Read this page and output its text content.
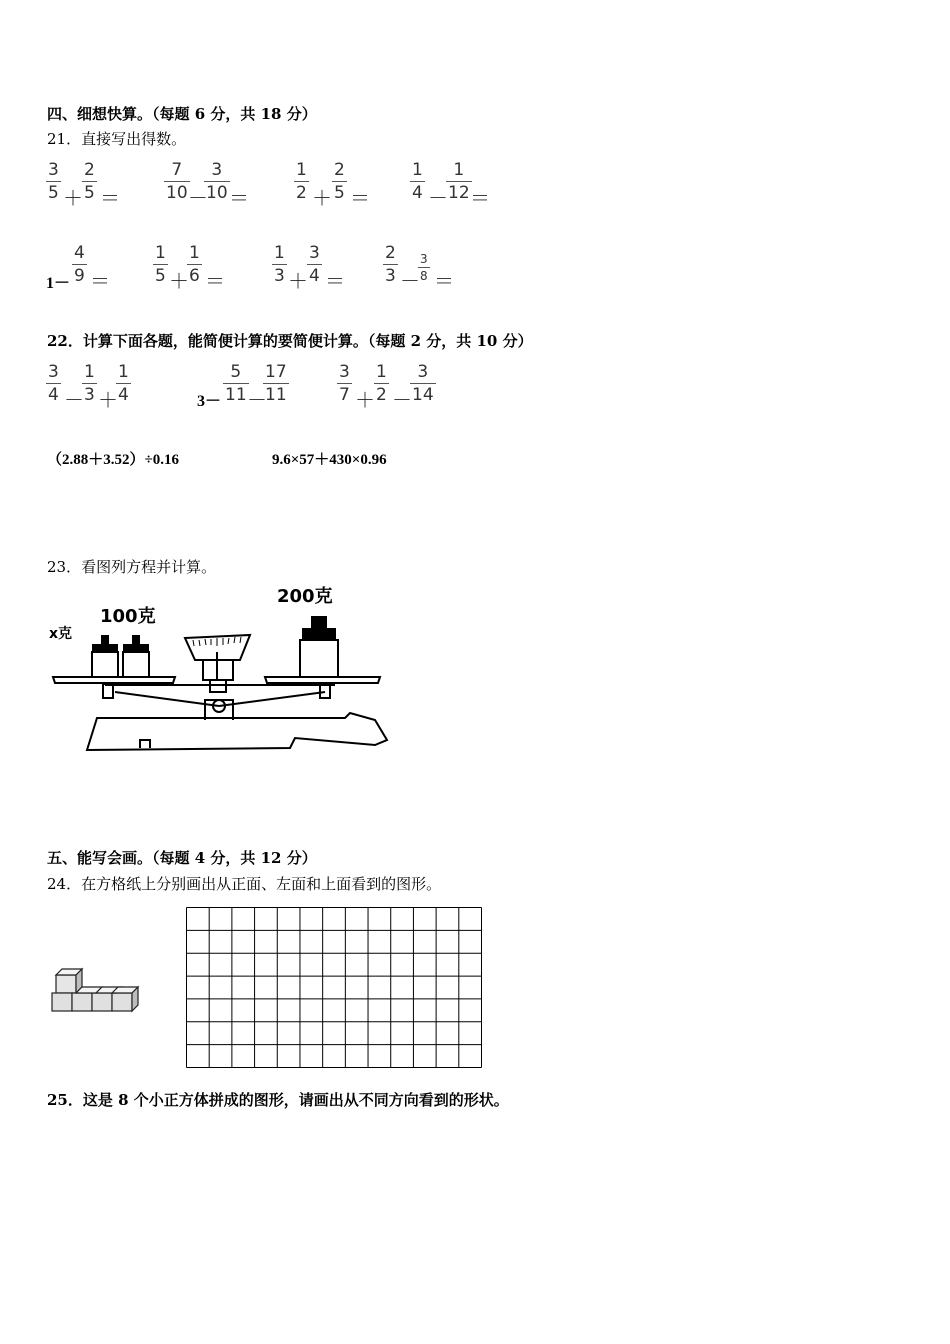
四、细想快算。（每题 6 分，共 18 分）
21．直接写出得数。
3
5 ＋
2
5 ＝
7
10 －
3
10 ＝
1
2 ＋
2
5 ＝
1
4 －
1
12 ＝
1－
4
9 ＝
1
5 ＋
1
6 ＝
1
3 ＋
3
4 ＝
2
3 －
3
8 ＝
22．计算下面各题，能简便计算的要简便计算。（每题 2 分，共 10 分）
3
4 －
1
3 ＋
1
4	3－
5
11 －
17
11
3
7 ＋
1
2 －
3
14
（2.88＋3.52）÷0.16	9.6×57＋430×0.96
23．看图列方程并计算。
x克
100克
200克
五、能写会画。（每题 4 分，共 12 分）
24．在方格纸上分别画出从正面、左面和上面看到的图形。
25．这是 8 个小正方体拼成的图形，请画出从不同方向看到的形状。
